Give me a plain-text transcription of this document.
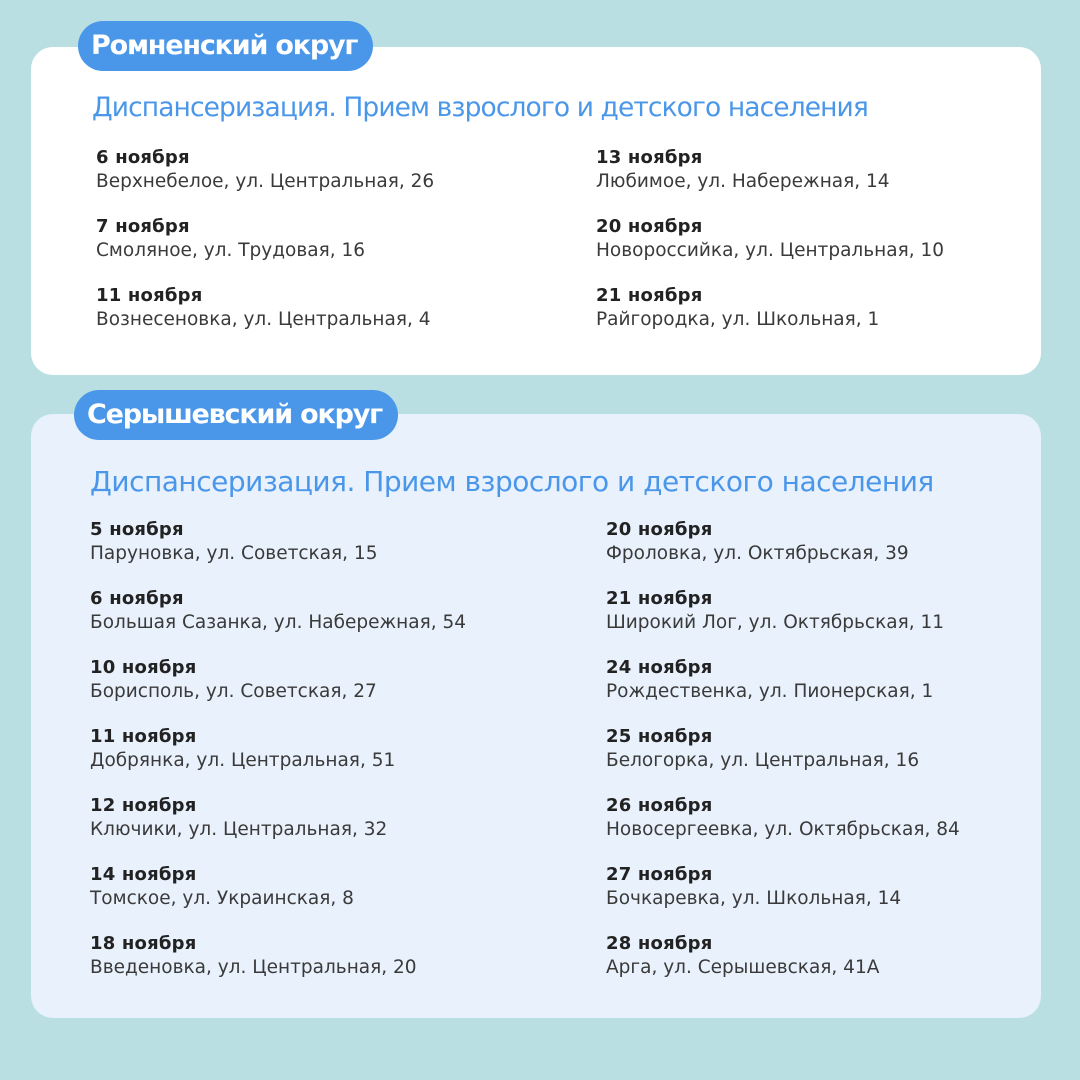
Ромненский округ
Диспансеризация. Прием взрослого и детского населения
6 ноября
Верхнебелое, ул. Центральная, 26
7 ноября
Смоляное, ул. Трудовая, 16
11 ноября
Вознесеновка, ул. Центральная, 4
13 ноября
Любимое, ул. Набережная, 14
20 ноября
Новороссийка, ул. Центральная, 10
21 ноября
Райгородка, ул. Школьная, 1
Серышевский округ
Диспансеризация. Прием взрослого и детского населения
5 ноября
Паруновка, ул. Советская, 15
6 ноября
Большая Сазанка, ул. Набережная, 54
10 ноября
Борисполь, ул. Советская, 27
11 ноября
Добрянка, ул. Центральная, 51
12 ноября
Ключики, ул. Центральная, 32
14 ноября
Томское, ул. Украинская, 8
18 ноября
Введеновка, ул. Центральная, 20
20 ноября
Фроловка, ул. Октябрьская, 39
21 ноября
Широкий Лог, ул. Октябрьская, 11
24 ноября
Рождественка, ул. Пионерская, 1
25 ноября
Белогорка, ул. Центральная, 16
26 ноября
Новосергеевка, ул. Октябрьская, 84
27 ноября
Бочкаревка, ул. Школьная, 14
28 ноября
Арга, ул. Серышевская, 41А
